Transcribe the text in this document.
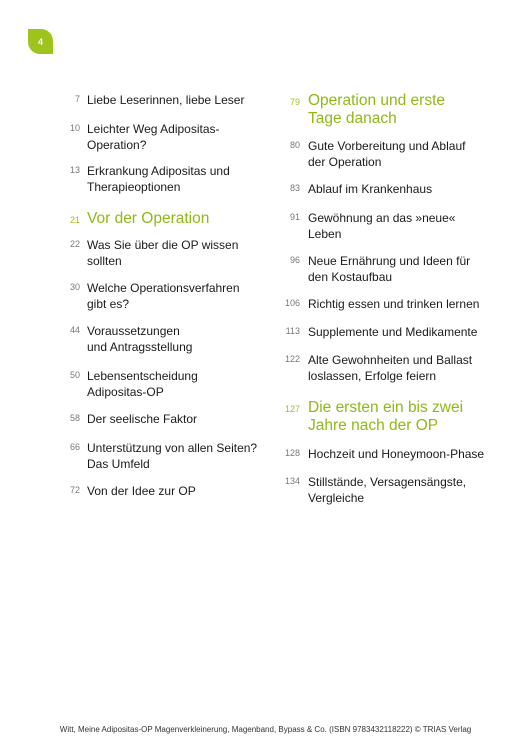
4
7 Liebe Leserinnen, liebe Leser
10 Leichter Weg Adipositas-
Operation?
13 Erkrankung Adipositas und
Therapieoptionen
21 Vor der Operation
22 Was Sie über die OP wissen
sollten
30 Welche Operationsverfahren
gibt es?
44 Voraussetzungen
und Antragsstellung
50 Lebensentscheidung
Adipositas-OP
58 Der seelische Faktor
66 Unterstützung von allen Seiten?
Das Umfeld
72 Von der Idee zur OP
79 Operation und erste
Tage danach
80 Gute Vorbereitung und Ablauf
der Operation
83 Ablauf im Krankenhaus
91 Gewöhnung an das »neue«
Leben
96 Neue Ernährung und Ideen für
den Kostaufbau
106 Richtig essen und trinken lernen
113 Supplemente und Medikamente
122 Alte Gewohnheiten und Ballast
loslassen, Erfolge feiern
127 Die ersten ein bis zwei
Jahre nach der OP
128 Hochzeit und Honeymoon-Phase
134 Stillstände, Versagensängste,
Vergleiche
Witt, Meine Adipositas-OP Magenverkleinerung, Magenband, Bypass & Co. (ISBN 9783432118222) © TRIAS Verlag
